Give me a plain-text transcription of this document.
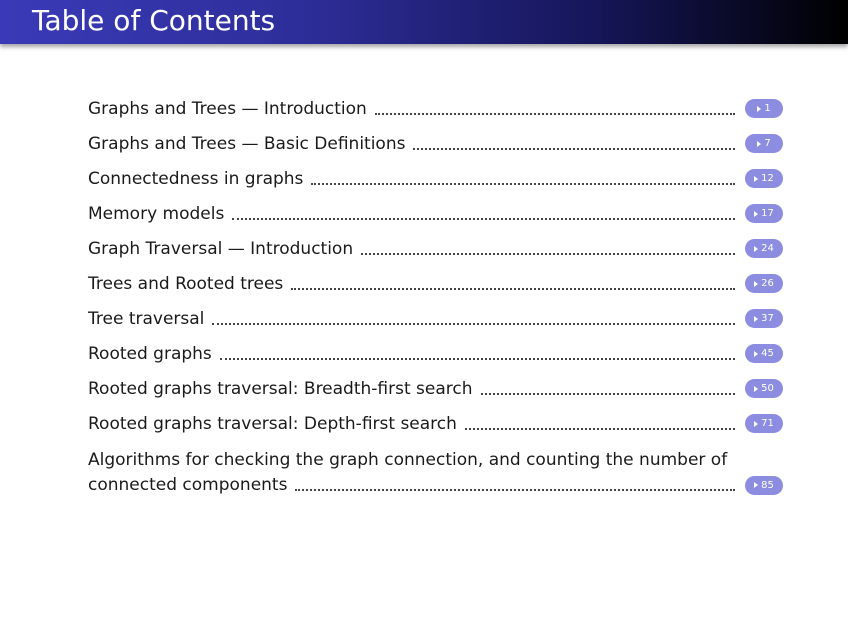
Table of Contents
Graphs and Trees — Introduction	1
Graphs and Trees — Basic Definitions	7
Connectedness in graphs	12
Memory models	17
Graph Traversal — Introduction	24
Trees and Rooted trees	26
Tree traversal	37
Rooted graphs	45
Rooted graphs traversal: Breadth-first search	50
Rooted graphs traversal: Depth-first search	71
Algorithms for checking the graph connection, and counting the number of
connected components	85
